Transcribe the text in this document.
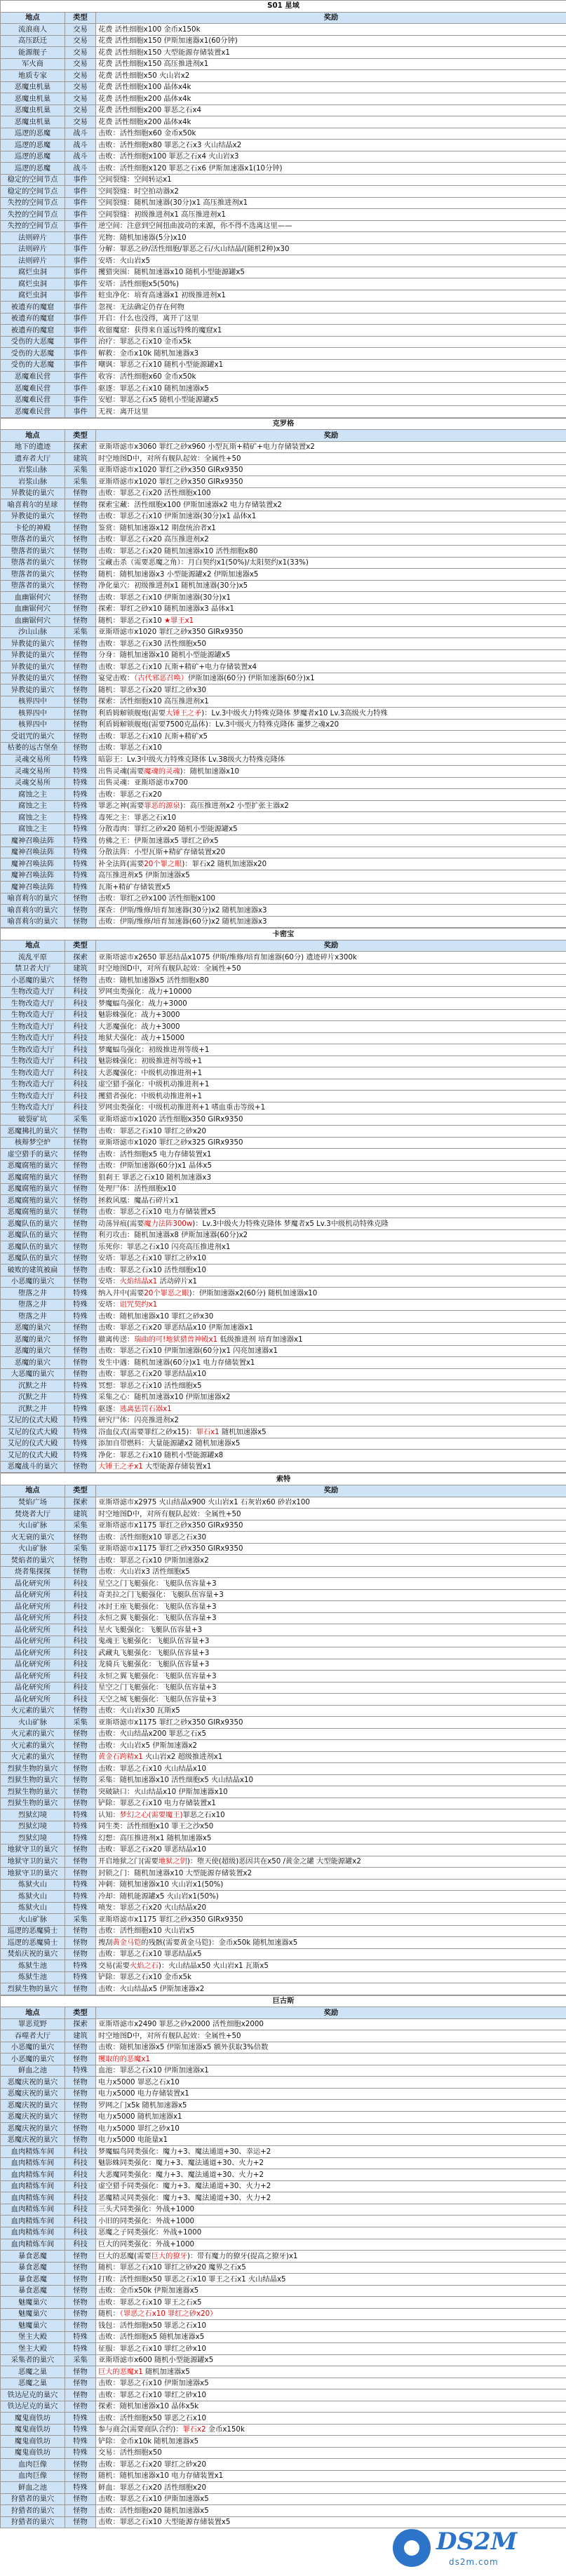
S01 星域		
地点	类型	奖励
流浪商人	交易	花费 活性细胞x100 金币x150k
高压跃迁	交易	花费 活性细胞x150 伊斯加速器x1(60分钟)
能源舰子	交易	花费 活性细胞x150 大型能源存储装置x1
军火商	交易	花费 活性细胞x150 高压推进剂x1
地质专家	交易	花费 活性细胞x50 火山岩x2
恶魔虫机巢	交易	花费 活性细胞x100 晶体x4k
恶魔虫机巢	交易	花费 活性细胞x200 晶体x4k
恶魔虫机巢	交易	花费 活性细胞x200 罪恶之石x4
恶魔虫机巢	交易	花费 活性细胞x200 晶体x4k
巡逻的恶魔	战斗	击败：活性细胞x60 金币x50k
巡逻的恶魔	战斗	击败：活性细胞x80 罪恶之石x3 火山结晶x2
巡逻的恶魔	战斗	击败：活性细胞x100 罪恶之石x4 火山岩x3
巡逻的恶魔	战斗	击败：活性细胞x120 罪恶之石x6 伊斯加速器x1(10分钟)
稳定的空间节点	事件	空间裂缝：空间转运x1
稳定的空间节点	事件	空间裂缝：时空拍动器x2
失控的空间节点	事件	空间裂缝：随机加速器(30分)x1 高压推进剂x1
失控的空间节点	事件	空间裂缝：初级推进剂x1 高压推进剂x1
失控的空间节点	事件	逆空间：注意到空间扭曲波动的来源，你不得不选离这里——
法则碎片	事件	光物：随机加速器(5分)x10
法则碎片	事件	分解：罪恶之砂/活性细胞/罪恶之石/火山结晶/(随机2种)x30
法则碎片	事件	安塔：火山岩x5
腐烂虫洞	事件	攫猎突围：随机加速器x10 随机小型能源罐x5
腐烂虫洞	事件	安塔：活性细胞x5(50%)
腐烂虫洞	事件	蛀虫净化：培育高速器x1 初级推进剂x1
被遗弃的魔窟	事件	忽视：无法确定仍存在何物
被遗弃的魔窟	事件	开启：什么也没得，离开了这里
被遗弃的魔窟	事件	收留魔窟：获得来自遥远特殊的魔窟x1
受伤的大恶魔	事件	治疗：罪恶之石x10 金币x5k
受伤的大恶魔	事件	解救：金币x10k 随机加速器x3
受伤的大恶魔	事件	嘲讽：罪恶之石x10 随机小型能源罐x1
恶魔难民营	事件	收容：活性细胞x60 金币x50k
恶魔难民营	事件	驱逐：罪恶之石x10 随机加速器x5
恶魔难民营	事件	安慰：罪恶之石x5 随机小型能源罐x5
恶魔难民营	事件	无视：离开这里
克罗格		
地点	类型	奖励
地下的遗迹	探索	亚斯塔滤市x3060 罪红之砂x960 小型瓦斯+精矿+电力存储装置x2
遗弃者大厅	建筑	时空地图D中，对所有舰队起效：全属性+50
岩浆山脉	采集	亚斯塔滤市x1020 罪红之砂x350 GIRx9350
岩浆山脉	采集	亚斯塔滤市x1020 罪红之砂x350 GIRx9350
异教徒的巢穴	怪物	击败：罪恶之石x20 活性细胞x100
喻喜莉尔的星球	怪物	探索宝藏：活性细胞x100 伊斯加速器x2 电力存储装置x2
异教徒的巢穴	怪物	击败：罪恶之石x10 伊斯加速器(30分)x1 晶体x1
卡伦的神殿	怪物	鉴赏：随机加速器x12 期盘统治者x1
堕落者的巢穴	怪物	击败：罪恶之石x20 高压推进剂x2
堕落者的巢穴	怪物	击败：罪恶之石x20 随机加速器x10 活性细胞x80
堕落者的巢穴	怪物	宝藏击杀（需要恶魔之角）：月白契约x1(50%)/太阳契约x1(33%)
堕落者的巢穴	怪物	随机：随机加速器x3 小型能源罐x2 伊斯加速器x5
堕落者的巢穴	怪物	净化巢穴：初级推进剂x1 随机加速器(30分)x5
血幽锯何穴	怪物	击败：罪恶之石x10 伊斯加速器(30分)x1
血幽锯何穴	怪物	探索：罪红之砂x10 随机加速器x3 晶体x1
血幽锯何穴	怪物	随机：罪恶之石x10 ★罪王x1
沙山山脉	采集	亚斯塔滤市x1020 罪红之砂x350 GIRx9350
异教徒的巢穴	怪物	击败：罪恶之石x30 活性细胞x50
异教徒的巢穴	怪物	分身：随机加速器x10 随机小型能源罐x5
异教徒的巢穴	怪物	击败：罪恶之石x10 瓦斯+精矿+电力存储装置x4
异教徒的巢穴	怪物	宴觉击败：（古代邪恶召唤）伊斯加速器(60分) 伊斯加速器(60分)x1
异教徒的巢穴	怪物	随机：罪恶之石x20 罪红之砂x30
核界四中	怪物	探索：活性细胞x10 高压推进剂x1
核界四中	怪物	利盾姆解锁舰炮(需要大锤王之矛)：Lv.3中级火力特殊克隆体 梦魔者x10 Lv.3高级火力特殊
核界四中	怪物	利盾姆解锁舰炮(需要7500克晶体)：Lv.3中级火力特殊克隆体 噩梦之魂x20
受诅咒的巢穴	怪物	击败：罪恶之石x10 瓦斯+精矿x5
枯萎的远古堡垒	怪物	击败：罪恶之石x10
灵魂交易所	特殊	暗影王：Lv.3中级火力特殊克隆体 Lv.38级火力特殊克隆体
灵魂交易所	特殊	出售灵魂(需要魔魂的灵魂)：随机加速器x10
灵魂交易所	特殊	出售灵魂：亚斯塔滤市x700
腐蚀之主	特殊	击败：罪恶之石x20
腐蚀之主	特殊	罪恶之神(需要罪恶的源泉)：高压推进剂x2 小型扩张主器x2
腐蚀之主	特殊	毒死之主：罪恶之石x10
腐蚀之主	特殊	分散毒肉：罪红之砂x20 随机小型能源罐x5
魔神召唤法阵	特殊	仿佛之王：伊斯加速器x5 罪红之砂x5
魔神召唤法阵	特殊	分散法阵：小型瓦斯+精矿存储装置x20
魔神召唤法阵	特殊	补全法阵(需要20个罪之眼)：罪石x2 随机加速器x20
魔神召唤法阵	特殊	高压推进剂x5 伊斯加速器x5
魔神召唤法阵	特殊	瓦斯+精矿存储装置x5
喻喜莉尔的巢穴	怪物	击败：罪红之砂x100 活性细胞x100
喻喜莉尔的巢穴	怪物	探查：伊斯/维修/培育加速器(30分)x2 随机加速器x3
喻喜莉尔的巢穴	怪物	击败：伊斯/维修/培育加速器(60分)x2 随机加速器x3
卡密宝		
地点	类型	奖励
流乱平原	探索	亚斯塔滤市x2650 罪恶结晶x1075 伊斯/维修/培育加速器(60分) 遗迹碎片x300k
禁卫者大厅	建筑	时空地图D中，对所有舰队起效：全属性+50
小恶魔的巢穴	怪物	击败：随机加速器x5 活性细胞x80
生物改造大厅	科技	罗网虫类强化：战力+10000
生物改造大厅	科技	梦魔蝠鸟强化：战力+3000
生物改造大厅	科技	魅影蛛强化：战力+3000
生物改造大厅	科技	大恶魔强化：战力+3000
生物改造大厅	科技	地狱犬强化：战力+15000
生物改造大厅	科技	梦魔蝠鸟强化：初级推进剂等级+1
生物改造大厅	科技	魅影蛛强化：初级推进剂等级+1
生物改造大厅	科技	大恶魔强化：中级机动推进剂+1
生物改造大厅	科技	虚空猎手强化：中级机动推进剂+1
生物改造大厅	科技	攫猎者强化：中级机动推进剂+1
生物改造大厅	科技	罗网虫类强化：中级机动推进剂+1 嗜血重击等级+1
破裂矿坑	采集	亚斯塔滤市x1020 活性细胞x350 GIRx9350
恶魔拂扎的巢穴	怪物	击败：罪恶之石x10 罪红之砂x20
核辩梦空炉	怪物	亚斯塔滤市x1020 罪红之砂x325 GIRx9350
虚空猎手的巢穴	怪物	击败：活性细胞x5 电力存储装置x1
恶魔腐殖的巢穴	怪物	击败：伊斯加速器(60分)x1 晶体x5
恶魔腐殖的巢穴	怪物	狙刹王 罪恶之石x10 随机加速器x3
恶魔腐殖的巢穴	怪物	处理尸体：活性细胞x10
恶魔腐殖的巢穴	怪物	拯救风凰：魔晶石碎片x1
恶魔腐殖的巢穴	怪物	击败：罪恶之石x10 电力存储装置x5
恶魔队伍的巢穴	怪物	动荡异痕(需要魔力法阵300w)：Lv.3中级火力特殊克隆体 梦魔者x5 Lv.3中级机动特殊克隆
恶魔队伍的巢穴	怪物	利刃攻击：随机加速器x8 伊斯加速器(60分)x2
恶魔队伍的巢穴	怪物	乐死你：罪恶之石x10 闪亮高压推进剂x1
恶魔队伍的巢穴	怪物	安塔：罪恶之石x10 罪红之砂x10
破败的建筑被扁	怪物	击败：罪恶之石x10 活性细胞x10
小恶魔的巢穴	怪物	安塔：火焰结晶x1 活动碎片x1
堕落之井	特殊	纳入井中(需要20个罪恶之眼)：伊斯加速器x2(60分) 随机加速器x10
堕落之井	特殊	安塔：诅咒契约x1
堕落之井	特殊	击败：随机加速器x10 罪红之砂x30
恶魔的巢穴	怪物	击败：罪恶之石x20 罪恶结晶x10 伊斯加速器x1
恶魔的巢穴	怪物	撤离传送：瑞曲的可!地狱猎兽神殿x1 低级推进剂 培育加速器x1
恶魔的巢穴	怪物	击败：罪恶之石x10 伊斯加速器(60分)x1 闪亮加速器x1
恶魔的巢穴	怪物	发生中遇：随机加速器(60分)x1 电力存储装置x1
大恶魔的巢穴	怪物	击败：罪恶之石x20 罪恶结晶x10
沉默之井	特殊	冥想：罪恶之石x10 活性细胞x5
沉默之井	特殊	采集之心：随机加速器x10 伊斯加速器x2
沉默之井	特殊	驱逐：逃离惩罚石器x1
艾尼的仪式大殿	特殊	研究尸体：闪亮推进剂x2
艾尼的仪式大殿	特殊	浴血仪式(需要罪红之砂x15)：罪石x1 随机加速器x5
艾尼的仪式大殿	特殊	添加自带燃料：大量能源罐x2 随机加速器x5
艾尼的仪式大殿	特殊	净化：罪恶之石x10 随机小型能源罐x8
恶魔战斗的巢穴	怪物	大锤王之矛x1 大型能源存储装置x1
索特		
地点	类型	奖励
焚焰广场	探索	亚斯塔滤市x2975 火山结晶x900 火山岩x1 石灰岩x60 砂岩x100
焚烧者大厅	建筑	时空地图D中，对所有舰队起效：全属性+50
火山矿脉	采集	亚斯塔滤市x1175 罪红之砂x350 GIRx9350
火无衰的巢穴	怪物	击败：活性细胞x10 罪恶之石x30
火山矿脉	采集	亚斯塔滤市x1175 罪红之砂x350 GIRx9350
焚焰者的巢穴	怪物	击败：罪恶之石x10 伊斯加速器x2
烧者集探探	怪物	击败：火山岩x3 活性细胞x5
晶化研究所	科技	星空之门飞艇强化：飞艇队伍容量+3
晶化研究所	科技	奇美拉之门飞艇强化：飞艇队伍容量+3
晶化研究所	科技	冰封王座飞艇强化：飞艇队伍容量+3
晶化研究所	科技	永恒之翼飞艇强化：飞艇队伍容量+3
晶化研究所	科技	星火飞艇强化：飞艇队伍容量+3
晶化研究所	科技	鬼魂王飞艇强化：飞艇队伍容量+3
晶化研究所	科技	武藏丸飞艇强化：飞艇队伍容量+3
晶化研究所	科技	龙骑兵飞艇强化：飞艇队伍容量+3
晶化研究所	科技	永恒之翼飞艇强化：飞艇队伍容量+3
晶化研究所	科技	星空之门飞艇强化：飞艇队伍容量+3
晶化研究所	科技	天空之城飞艇强化：飞艇队伍容量+3
火元素的巢穴	怪物	击败：火山岩x30 瓦斯x5
火山矿脉	采集	亚斯塔滤市x1175 罪红之砂x350 GIRx9350
火元素的巢穴	怪物	击败：火山结晶x200 罪恶之石x5
火元素的巢穴	怪物	击败：火山岩x5 伊斯加速器x2
火元素的巢穴	怪物	黄金石跨精x1 火山岩x2 超级推进剂x1
烈狱生物的巢穴	怪物	击败：罪恶之石x10 火山结晶x10
烈狱生物的巢穴	怪物	采集：随机加速器x10 活性细胞x5 火山结晶x10
烈狱生物的巢穴	怪物	突破缺口：火山结晶x10 伊斯加速器x10
烈狱生物的巢穴	怪物	铲除：罪恶之石x10 电力存储装置x1
烈狱幻境	特殊	认知：梦幻之心(需要魔王)罪恶之石x10
烈狱幻境	特殊	同生类：活性细胞x10 罪王之沙x50
烈狱幻境	特殊	幻想：高压推进剂x1 随机加速器x5
地狱守卫的巢穴	怪物	击败：罪恶之石x20 罪恶结晶x10
地狱守卫的巢穴	怪物	开启地狱之门(需要地狱之钥)：堕天使(超级)恶因共在x50 /黄金之罐 大型能源罐x2
地狱守卫的巢穴	怪物	封锁之门：随机加速器x10 大型能源存储装置x2
炼狱火山	特殊	冲刺：随机加速器x10 火山岩x1(50%)
炼狱火山	特殊	冷却：随机能源罐x5 火山岩x1(50%)
炼狱火山	特殊	喷发：罪恶之石x20 火山结晶x20
火山矿脉	采集	亚斯塔滤市x1175 罪红之砂x350 GIRx9350
巡逻的恶魔骑士	怪物	击败：活性细胞x10 火山岩x5
巡逻的恶魔骑士	怪物	搜刮黄金马铠的残骸(需要黄金马铠)：金币x50k 随机加速器x5
焚焰庆祝的巢穴	怪物	击败：罪恶之石x10 罪恶结晶x5
炼狱生池	特殊	交易(需要火焰之石)：火山结晶x50 火山岩x1 瓦斯x5
炼狱生池	特殊	铲除：罪恶之石x10 金币x5k
烈狱生物的巢穴	怪物	击败：火山结晶x5 伊斯加速器x2
巨古斯		
地点	类型	奖励
罪恶荒野	探索	亚斯塔滤市x2490 罪恶之砂x2000 活性细胞x2000
吞噬者大厅	建筑	时空地图D中，对所有舰队起效：全属性+50
小恶魔的巢穴	怪物	击败：随机加速器x5 伊斯加速器x5 额外获取3%倍数
小恶魔的巢穴	怪物	攫取的的恶魔x1
鲜血之池	特殊	血池：罪恶之石x10 伊斯加速器x1
恶魔庆祝的巢穴	怪物	电力x5000 罪恶之石x10
恶魔庆祝的巢穴	怪物	电力x5000 电力存储装置x1
恶魔庆祝的巢穴	怪物	罗网之门x5k 随机加速器x5
恶魔庆祝的巢穴	怪物	电力x5000 随机加速器x1
恶魔庆祝的巢穴	怪物	电力x5000 罪红之砂x10
恶魔庆祝的巢穴	怪物	电力x5000 电能量x1
血肉精炼车间	科技	梦魔蝠鸟同类强化：魔力+3、魔法通道+30、幸运+2
血肉精炼车间	科技	魅影蛛同类强化：魔力+3、魔法通道+30、火力+2
血肉精炼车间	科技	大恶魔同类强化：魔力+3、魔法通道+30、火力+2
血肉精炼车间	科技	虚空猎手同类强化：魔力+3、魔法通道+30、火力+2
血肉精炼车间	科技	恶魔精灵同类强化：魔力+3、魔法通道+30、火力+2
血肉精炼车间	科技	三头犬同类强化：外战+1000
血肉精炼车间	科技	小旧的同类强化：外战+1000
血肉精炼车间	科技	恶魔之子同类强化：外战+1000
血肉精炼车间	科技	巨大的同类强化：外战+1000
暴食恶魔	怪物	巨大的恶魔(需要巨大的獠牙)：带有魔力的獠牙(提高之獠牙)x1
暴食恶魔	怪物	随机：罪恶之石x10 罪红之砂x20 魔界之石x5
暴食恶魔	怪物	打败：活性细胞x50 罪恶之石x10 罪王之石x1 火山结晶x5
暴食恶魔	怪物	击败：金币x50k 伊斯加速器x5
魅魔巢穴	怪物	击败：罪恶之石x10 罪王之石x5
魅魔巢穴	怪物	随机：（罪恶之石x10 罪红之砂x20）
魅魔巢穴	怪物	钱包：活性细胞x50 罪恶之石x10
堡主大殿	特殊	击败：活性细胞x5 随机加速器x5
堡主大殿	特殊	征服：罪恶之石x10 罪红之砂x10
采集者的巢穴	采集	亚斯塔滤市x600 随机小型能源罐x5
恶魔之巢	怪物	巨大的恶魔x1 随机加速器x5
恶魔之巢	怪物	击败：罪恶之石x10 伊斯加速器x5
铁达尼克的巢穴	怪物	击败：罪恶之石x10 罪红之砂x10
铁达尼克的巢穴	怪物	探索：随机加速器x10 晶体x5k
魔鬼商铁坊	特殊	击败：活性细胞x50 罪恶之石x10
魔鬼商铁坊	特殊	参与商会(需要商队合约)：罪石x2 金币x150k
魔鬼商铁坊	特殊	铲除：金币x10k 随机加速器x5
魔鬼商铁坊	特殊	交易：活性细胞x50
血肉巨像	怪物	击败：罪恶之石x20 罪红之砂x20
血肉巨像	怪物	随机：随机加速器x10 电力存储装置x1
鲜血之池	特殊	鲜血：罪恶之石x20 活性细胞x20
狩猎者的巢穴	怪物	击败：罪恶之石x10 伊斯加速器x5
狩猎者的巢穴	怪物	击败：活性细胞x20 随机加速器x5
狩猎者的巢穴	怪物	击败：罪恶之石x10 大型能源存储装置x5
DS2M
ds2m.com
